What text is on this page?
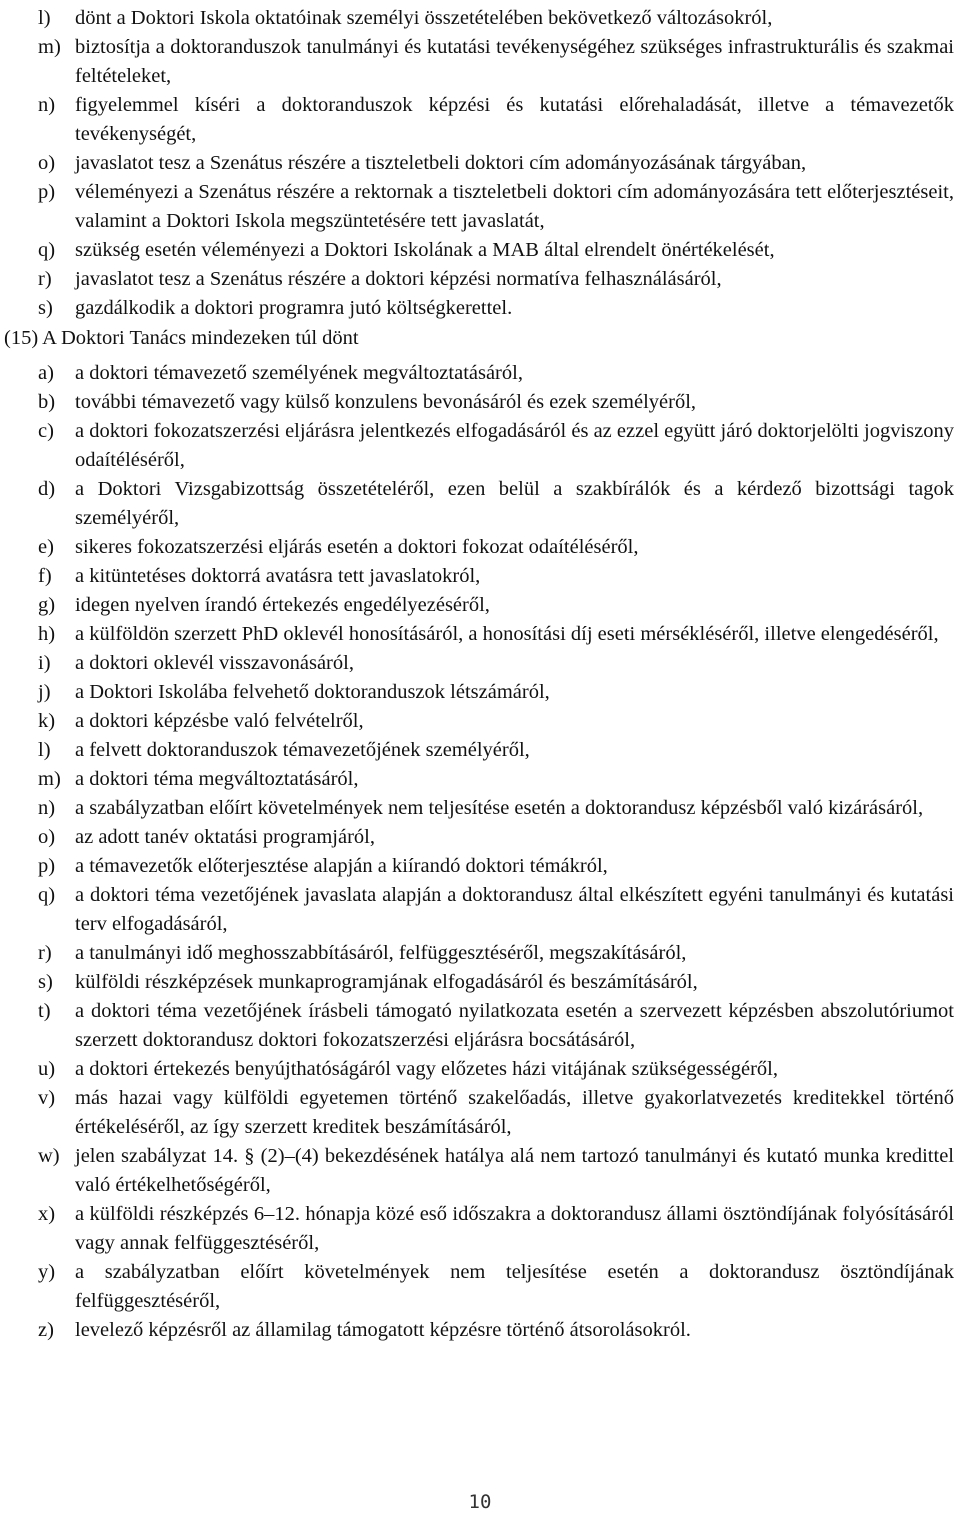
l) dönt a Doktori Iskola oktatóinak személyi összetételében bekövetkező változásokról,
m) biztosítja a doktoranduszok tanulmányi és kutatási tevékenységéhez szükséges infrastrukturális és szakmai feltételeket,
n) figyelemmel kíséri a doktoranduszok képzési és kutatási előrehaladását, illetve a témavezetők tevékenységét,
o) javaslatot tesz a Szenátus részére a tiszteletbeli doktori cím adományozásának tárgyában,
p) véleményezi a Szenátus részére a rektornak a tiszteletbeli doktori cím adományozására tett előterjesztéseit, valamint a Doktori Iskola megszüntetésére tett javaslatát,
q) szükség esetén véleményezi a Doktori Iskolának a MAB által elrendelt önértékelését,
r) javaslatot tesz a Szenátus részére a doktori képzési normatíva felhasználásáról,
s) gazdálkodik a doktori programra jutó költségkerettel.
(15) A Doktori Tanács mindezeken túl dönt
a) a doktori témavezető személyének megváltoztatásáról,
b) további témavezető vagy külső konzulens bevonásáról és ezek személyéről,
c) a doktori fokozatszerzési eljárásra jelentkezés elfogadásáról és az ezzel együtt járó doktorjelölti jogviszony odaítéléséről,
d) a Doktori Vizsgabizottság összetételéről, ezen belül a szakbírálók és a kérdező bizottsági tagok személyéről,
e) sikeres fokozatszerzési eljárás esetén a doktori fokozat odaítéléséről,
f) a kitüntetéses doktorrá avatásra tett javaslatokról,
g) idegen nyelven írandó értekezés engedélyezéséről,
h) a külföldön szerzett PhD oklevél honosításáról, a honosítási díj eseti mérsékléséről, illetve elengedéséről,
i) a doktori oklevél visszavonásáról,
j) a Doktori Iskolába felvehető doktoranduszok létszámáról,
k) a doktori képzésbe való felvételről,
l) a felvett doktoranduszok témavezetőjének személyéről,
m) a doktori téma megváltoztatásáról,
n) a szabályzatban előírt követelmények nem teljesítése esetén a doktorandusz képzésből való kizárásáról,
o) az adott tanév oktatási programjáról,
p) a témavezetők előterjesztése alapján a kiírandó doktori témákról,
q) a doktori téma vezetőjének javaslata alapján a doktorandusz által elkészített egyéni tanulmányi és kutatási terv elfogadásáról,
r) a tanulmányi idő meghosszabbításáról, felfüggesztéséről, megszakításáról,
s) külföldi részképzések munkaprogramjának elfogadásáról és beszámításáról,
t) a doktori téma vezetőjének írásbeli támogató nyilatkozata esetén a szervezett képzésben abszolutóriumot szerzett doktorandusz doktori fokozatszerzési eljárásra bocsátásáról,
u) a doktori értekezés benyújthatóságáról vagy előzetes házi vitájának szükségességéről,
v) más hazai vagy külföldi egyetemen történő szakelőadás, illetve gyakorlatvezetés kreditekkel történő értékeléséről, az így szerzett kreditek beszámításáról,
w) jelen szabályzat 14. § (2)–(4) bekezdésének hatálya alá nem tartozó tanulmányi és kutató munka kredittel való értékelhetőségéről,
x) a külföldi részképzés 6–12. hónapja közé eső időszakra a doktorandusz állami ösztöndíjának folyósításáról vagy annak felfüggesztéséről,
y) a szabályzatban előírt követelmények nem teljesítése esetén a doktorandusz ösztöndíjának felfüggesztéséről,
z) levelező képzésről az államilag támogatott képzésre történő átsorolásokról.
10
